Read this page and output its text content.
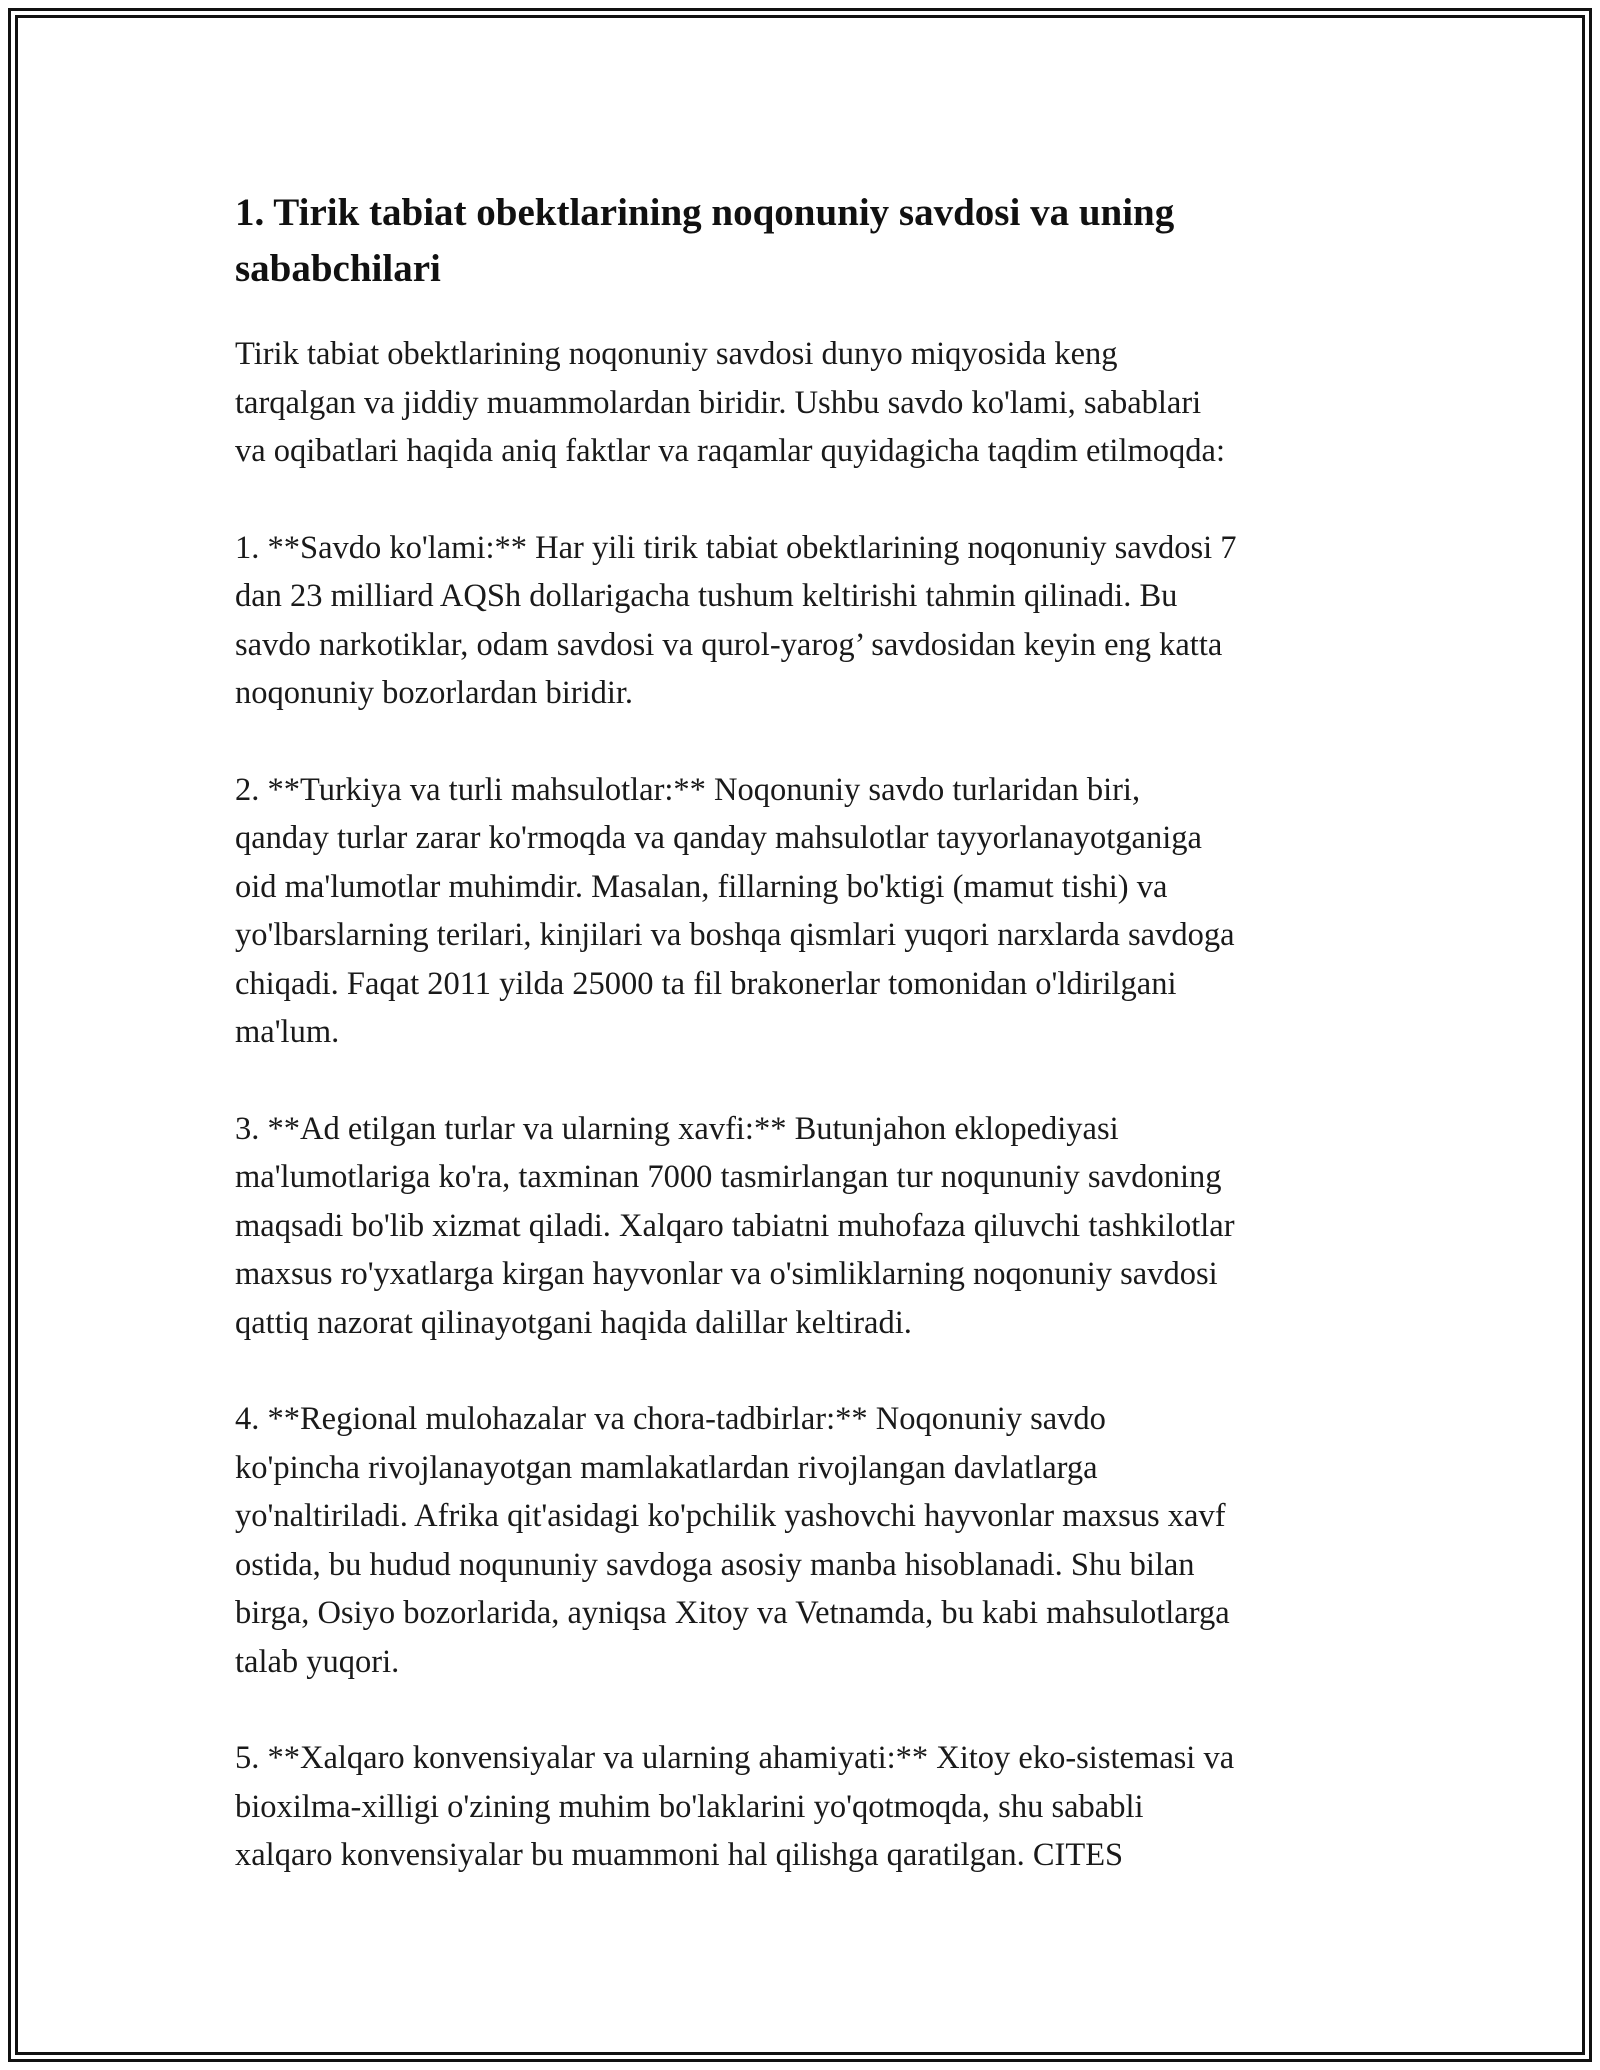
1. Tirik tabiat obektlarining noqonuniy savdosi va uning
sababchilari

Tirik tabiat obektlarining noqonuniy savdosi dunyo miqyosida keng
tarqalgan va jiddiy muammolardan biridir. Ushbu savdo ko'lami, sabablari
va oqibatlari haqida aniq faktlar va raqamlar quyidagicha taqdim etilmoqda:

1. **Savdo ko'lami:** Har yili tirik tabiat obektlarining noqonuniy savdosi 7
dan 23 milliard AQSh dollarigacha tushum keltirishi tahmin qilinadi. Bu
savdo narkotiklar, odam savdosi va qurol-yarog’ savdosidan keyin eng katta
noqonuniy bozorlardan biridir.

2. **Turkiya va turli mahsulotlar:** Noqonuniy savdo turlaridan biri,
qanday turlar zarar ko'rmoqda va qanday mahsulotlar tayyorlanayotganiga
oid ma'lumotlar muhimdir. Masalan, fillarning bo'ktigi (mamut tishi) va
yo'lbarslarning terilari, kinjilari va boshqa qismlari yuqori narxlarda savdoga
chiqadi. Faqat 2011 yilda 25000 ta fil brakonerlar tomonidan o'ldirilgani
ma'lum.

3. **Ad etilgan turlar va ularning xavfi:** Butunjahon eklopediyasi
ma'lumotlariga ko'ra, taxminan 7000 tasmirlangan tur noqununiy savdoning
maqsadi bo'lib xizmat qiladi. Xalqaro tabiatni muhofaza qiluvchi tashkilotlar
maxsus ro'yxatlarga kirgan hayvonlar va o'simliklarning noqonuniy savdosi
qattiq nazorat qilinayotgani haqida dalillar keltiradi.

4. **Regional mulohazalar va chora-tadbirlar:** Noqonuniy savdo
ko'pincha rivojlanayotgan mamlakatlardan rivojlangan davlatlarga
yo'naltiriladi. Afrika qit'asidagi ko'pchilik yashovchi hayvonlar maxsus xavf
ostida, bu hudud noqununiy savdoga asosiy manba hisoblanadi. Shu bilan
birga, Osiyo bozorlarida, ayniqsa Xitoy va Vetnamda, bu kabi mahsulotlarga
talab yuqori.

5. **Xalqaro konvensiyalar va ularning ahamiyati:** Xitoy eko-sistemasi va
bioxilma-xilligi o'zining muhim bo'laklarini yo'qotmoqda, shu sababli
xalqaro konvensiyalar bu muammoni hal qilishga qaratilgan. CITES
